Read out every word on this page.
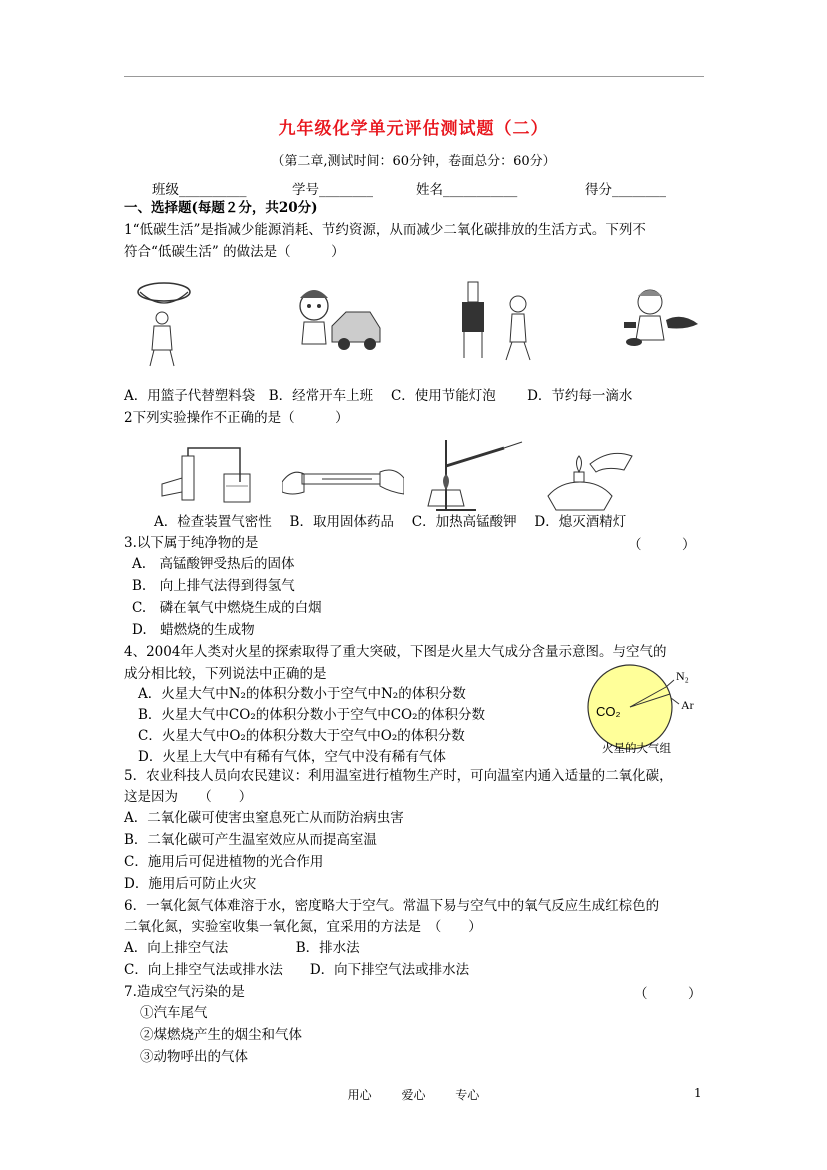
九年级化学单元评估测试题（二）
（第二章,测试时间：60分钟，卷面总分：60分）
班级__________	学号________	姓名___________	得分________
一、选择题(每题２分，共20分)
1“低碳生活”是指减少能源消耗、节约资源，从而减少二氧化碳排放的生活方式。下列不
符合“低碳生活” 的做法是（　　　）
A．用篮子代替塑料袋　B．经常开车上班　 C．使用节能灯泡　　 D．节约每一滴水
2下列实验操作不正确的是（　　　）
A．检查装置气密性　 B．取用固体药品　 C．加热高锰酸钾　 D．熄灭酒精灯
3.以下属于纯净物的是	（　　　）
A.　高锰酸钾受热后的固体
B.　向上排气法得到得氢气
C.　磷在氧气中燃烧生成的白烟
D.　蜡燃烧的生成物
4、2004年人类对火星的探索取得了重大突破，下图是火星大气成分含量示意图。与空气的
成分相比较，下列说法中正确的是
A．火星大气中N₂的体积分数小于空气中N₂的体积分数
B．火星大气中CO₂的体积分数小于空气中CO₂的体积分数
C．火星大气中O₂的体积分数大于空气中O₂的体积分数
D．火星上大气中有稀有气体，空气中没有稀有气体
N₂
Ar
CO₂
火星的大气组
5．农业科技人员向农民建议：利用温室进行植物生产时，可向温室内通入适量的二氧化碳，
这是因为　　（　　）
A．二氧化碳可使害虫窒息死亡从而防治病虫害
B．二氧化碳可产生温室效应从而提高室温
C．施用后可促进植物的光合作用
D．施用后可防止火灾
6．一氧化氮气体难溶于水，密度略大于空气。常温下易与空气中的氧气反应生成红棕色的
二氧化氮，实验室收集一氧化氮，宜采用的方法是　（　　）
A．向上排空气法　　　　　B．排水法
C．向上排空气法或排水法　　D．向下排空气法或排水法
7.造成空气污染的是	（　　　）
①汽车尾气
②煤燃烧产生的烟尘和气体
③动物呼出的气体
用心　 爱心　 专心	1
